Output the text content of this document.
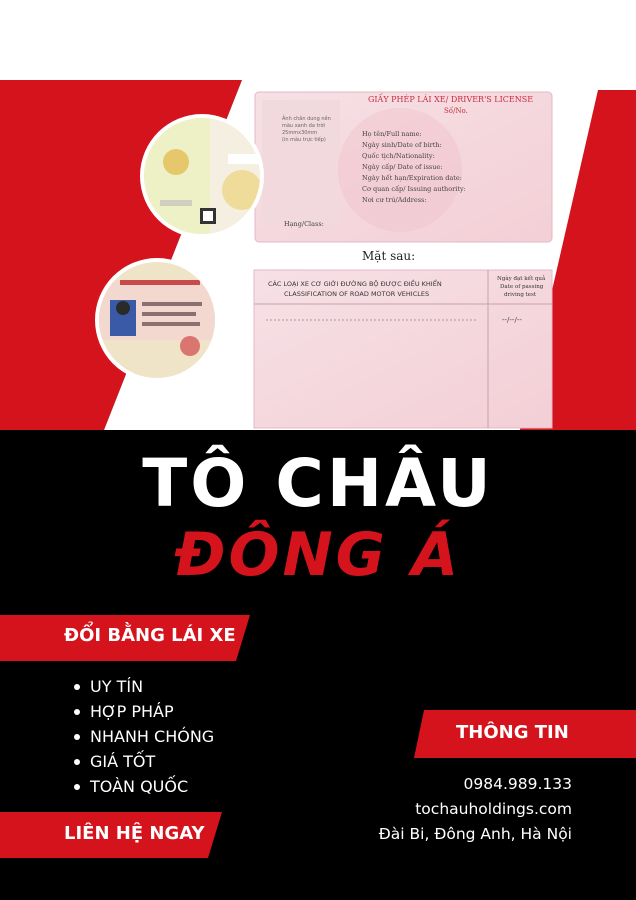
GIẤY PHÉP LÁI XE/ DRIVER'S LICENSE
Số/No.
Ảnh chân dung nền
màu xanh da trời
25mmx30mm
(in màu trực tiếp)
Họ tên/Full name:
Ngày sinh/Date of birth:
Quốc tịch/Nationality:
Ngày cấp/ Date of issue:
Ngày hết hạn/Expiration date:
Cơ quan cấp/ Issuing authority:
Nơi cư trú/Address:
Hạng/Class:
Mặt sau:
CÁC LOẠI XE CƠ GIỚI ĐƯỜNG BỘ ĐƯỢC ĐIỀU KHIỂN
CLASSIFICATION OF ROAD MOTOR VEHICLES
Ngày đạt kết quả
Date of passing
driving test
--/--/--
TÔ CHÂU
ĐÔNG Á
ĐỔI BẰNG LÁI XE
UY TÍN
HỢP PHÁP
NHANH CHÓNG
GIÁ TỐT
TOÀN QUỐC
THÔNG TIN
0984.989.133
tochauholdings.com
Đài Bi, Đông Anh, Hà Nội
LIÊN HỆ NGAY
